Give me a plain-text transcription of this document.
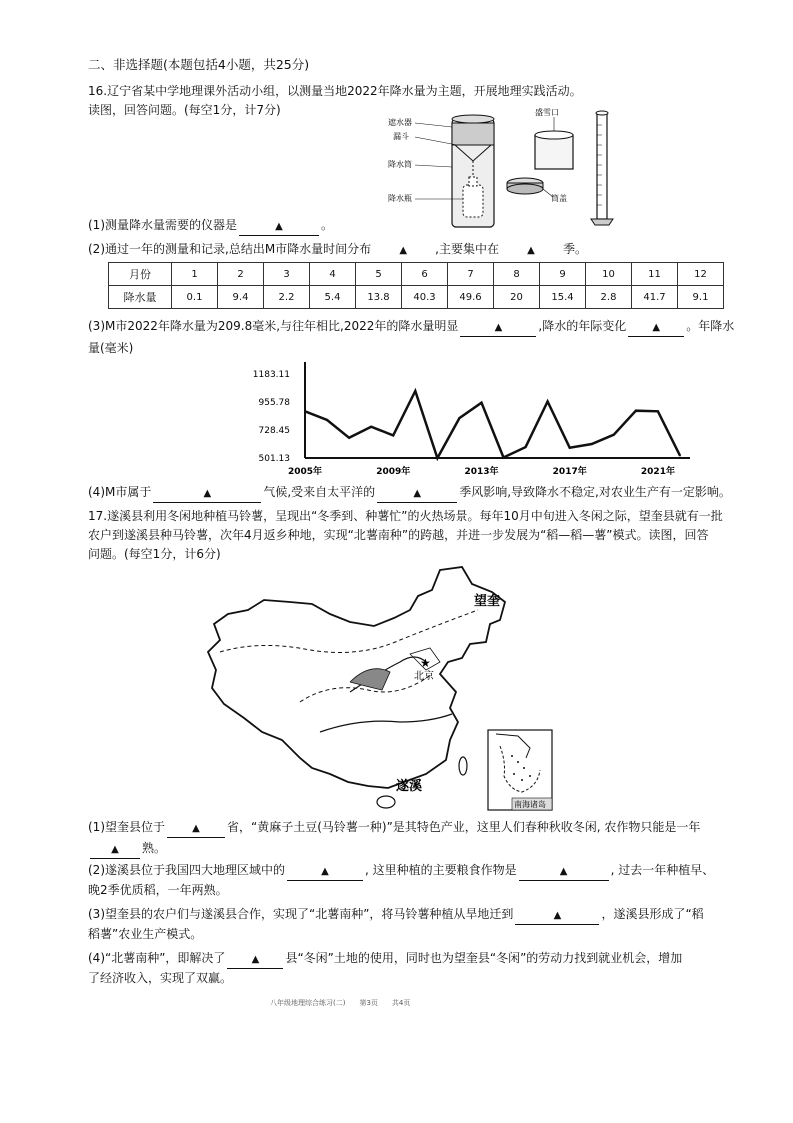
二、非选择题(本题包括4小题，共25分)
16.辽宁省某中学地理课外活动小组，以测量当地2022年降水量为主题，开展地理实践活动。
读图，回答问题。(每空1分，计7分)
遮水器
漏斗
降水筒
降水瓶
盛雪口
筒盖
(1)测量降水量需要的仪器是	▲	。
(2)通过一年的测量和记录,总结出M市降水量时间分布	▲ ,主要集中在	▲ 季。
月份	1	2	3	4	5	6	7	8	9	10	11	12
降水量	0.1	9.4	2.2	5.4	13.8	40.3	49.6	20	15.4	2.8	41.7	9.1
(3)M市2022年降水量为209.8毫米,与往年相比,2022年的降水量明显	▲	,降水的年际变化	▲ 。年降水
量(毫米)
1183.11
955.78
728.45
501.13
2005年	2009年	2013年	2017年	2021年
(4)M市属于	▲	气候,受来自太平洋的	▲	季风影响,导致降水不稳定,对农业生产有一定影响。
17.遂溪县利用冬闲地种植马铃薯，呈现出“冬季到、种薯忙”的火热场景。每年10月中旬进入冬闲之际，望奎县就有一批
农户到遂溪县种马铃薯，次年4月返乡种地，实现“北薯南种”的跨越，并进一步发展为“稻—稻—薯”模式。读图，回答
问题。(每空1分，计6分)
★
北京
望奎
遂溪
南海诸岛
(1)望奎县位于	▲ 省，“黄麻子土豆(马铃薯一种)”是其特色产业，这里人们春种秋收冬闲, 农作物只能是一年
▲ 熟。
(2)遂溪县位于我国四大地理区域中的	▲	, 这里种植的主要粮食作物是	▲	, 过去一年种植早、
晚2季优质稻，一年两熟。
(3)望奎县的农户们与遂溪县合作，实现了“北薯南种”，将马铃薯种植从旱地迁到	▲	，遂溪县形成了“稻
稻薯”农业生产模式。
(4)“北薯南种”，即解决了	▲ 县“冬闲”土地的使用，同时也为望奎县“冬闲”的劳动力找到就业机会，增加
了经济收入，实现了双赢。
八年级地理综合练习(二)　　第3页　　共4页
